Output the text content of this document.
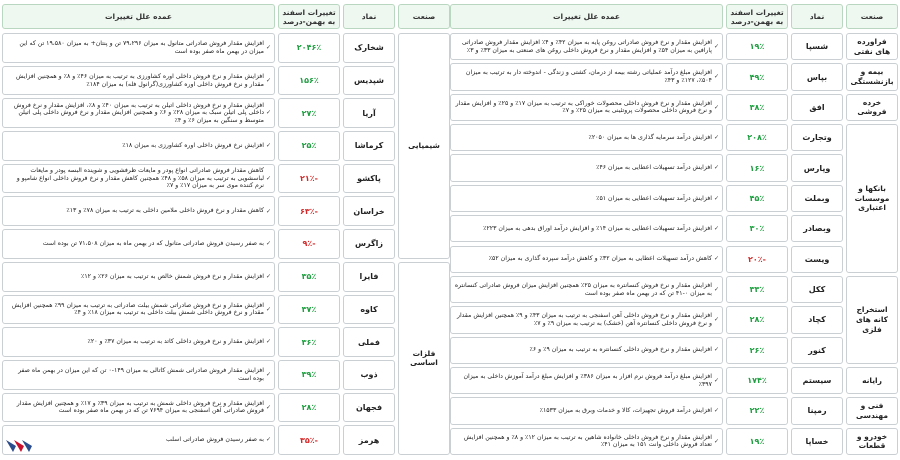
صنعت
نماد
تغییرات اسفند به بهمن-درصد
عمده علل تغییرات
فراورده های نفتی
بیمه و بازنشستگی
خرده فروشی
بانکها و موسسات اعتباری
استخراج کانه های فلزی
رایانه
فنی و مهندسی
خودرو و قطعات
شسپا
۱۹٪
✓
افزایش مقدار و نرخ فروش صادراتی روغن پایه به میزان ۴۲٪ و ۴٪ افزایش مقدار فروش صادراتی پارافین به میزان ۵۴٪ و افزایش مقدار و نرخ فروش داخلی روغن های صنعتی به میزان ۳۳٪ و ۳٪
بپاس
۴۹٪
✓
افزایش مبلغ درآمد عملیاتی رشته بیمه از درمان، کشتی و زندگی - اندوخته دار به ترتیب به میزان ۵۰۴٪، ۱۲۷٪ و ۴۳٪
افق
۳۸٪
✓
افزایش مقدار و نرخ فروش داخلی محصولات خوراکی به ترتیب به میزان ۱۷٪ و ۲۵٪ و افزایش مقدار و نرخ فروش داخلی محصولات پروتئینی به میزان ۲۵٪ و ۷٪
وتجارت
۲۰۸٪
✓
افزایش درآمد سرمایه گذاری ها به میزان ۲۰۵۰٪
وپارس
۱۶٪
✓
افزایش درآمد تسهیلات اعطایی به میزان ۴۶٪
وبملت
۴۵٪
✓
افزایش درآمد تسهیلات اعطایی به میزان ۵۱٪
وبصادر
۳۰٪
✓
افزایش درآمد تسهیلات اعطایی به میزان ۱۴٪ و افزایش درآمد اوراق بدهی به میزان ۲۲۳٪
ویست
-۲۰٪
✓
کاهش درآمد تسهیلات اعطایی به میزان ۳۲٪ و کاهش درآمد سپرده گذاری به میزان ۵۲٪
ککل
۳۳٪
✓
افزایش مقدار و نرخ فروش کنسانتره به میزان ۲۵٪ همچنین افزایش میزان فروش صادراتی کنسانتره به میزان ۰-۴۱ تن که در بهمن ماه صفر بوده است
کچاد
۲۸٪
✓
افزایش مقدار و نرخ فروش داخلی آهن اسفنجی به ترتیب به میزان ۴۳٪ و ۹٪ همچنین افزایش مقدار و نرخ فروش داخلی کنسانتره آهن (خشک) به ترتیب به میزان ۹٪ و ۷٪
کنور
۲۶٪
✓
افزایش مقدار و نرخ فروش داخلی کنسانتره به ترتیب به میزان ۹٪ و ۶٪
سیستم
۱۷۴٪
✓
افزایش مبلغ درآمد فروش نرم افزار به میزان ۳۸۶٪ و افزایش مبلغ درآمد آموزش داخلی به میزان ۳۹۷٪
رمپنا
۲۲٪
✓
افزایش درآمد فروش تجهیزات، کالا و خدمات وبرق به میزان ۱۵۳۳٪
خساپا
۱۹٪
✓
افزایش مقدار و نرخ فروش داخلی خانواده شاهین به ترتیب به میزان ۱۲٪ و ۸٪ و همچنین افزایش تعداد فروش داخلی وانت ۱۵۱ به میزان ۴۱٪
صنعت
نماد
تغییرات اسفند به بهمن-درصد
عمده علل تغییرات
شیمیایی
فلزات اساسی
شخارک
۲۰۴۶٪
✓
افزایش مقدار فروش صادراتی متانول به میزان ۷۹،۲۹۶ تن و پنتان+ به میزان ۱۹،۵۸۰ تن که این میزان در بهمن ماه صفر بوده است
شپدیس
۱۵۶٪
✓
افزایش مقدار و نرخ فروش داخلی اوره کشاورزی به ترتیب به میزان ۴۶٪ و ۸٪ و همچنین افزایش مقدار و نرخ فروش داخلی اوره کشاورزی(گرانول فله) به میزان ۱۸۴٪
آریا
۲۷٪
✓
افزایش مقدار و نرخ فروش داخلی اتیلن به ترتیب به میزان ۴۰٪ و ۸٪، افزایش مقدار و نرخ فروش داخلی پلی اتیلن سبک به میزان ۲۸٪ و ۶٪ و همچنین افزایش مقدار و نرخ فروش داخلی پلی اتیلن متوسط و سنگین به میزان ۶٪ و ۴٪
کرماشا
۲۵٪
✓
افزایش نرخ فروش داخلی اوره کشاورزی به میزان ۱۸٪
پاکشو
-۲۱٪
✓
کاهش مقدار فروش صادراتی انواع پودر و مایعات ظرفشویی و شوینده البسه پودر و مایعات لباسشویی به ترتیب به میزان ۵۸٪ و ۴۸٪ همچنین کاهش مقدار و نرخ فروش داخلی انواع شامپو و نرم کننده موی سر به میزان ۱۷٪ و ۷٪
خراسان
-۶۳٪
✓
کاهش مقدار و نرخ فروش داخلی ملامین داخلی به ترتیب به میزان ۷۸٪ و ۱۳٪
زاگرس
-۹٪
✓
به صفر رسیدن فروش صادراتی متانول که در بهمن ماه به میزان ۷۱،۵۰۸ تن بوده است
فایرا
۳۵٪
✓
افزایش مقدار و نرخ فروش شمش خالص به ترتیب به میزان ۲۶٪ و ۱۲٪
کاوه
۳۷٪
✓
افزایش مقدار و نرخ فروش صادراتی شمش بیلت صادراتی به ترتیب به میزان ۹۹٪ همچنین افزایش مقدار و نرخ فروش داخلی شمش بیلت داخلی به ترتیب به میزان ۱۸٪ و ۴٪
فملی
۳۶٪
✓
افزایش مقدار و نرخ فروش داخلی کاتد به ترتیب به میزان ۳۷٪ و ۲۰٪
ذوب
۳۹٪
✓
افزایش مقدار فروش صادراتی شمش کاتالی به میزان ۱۴۹-۰ تن که این میزان در بهمن ماه صفر بوده است
فجهان
۲۸٪
✓
افزایش مقدار و نرخ فروش داخلی شمش به ترتیب به میزان ۳۹٪ و ۱۷٪ و همچنین افزایش مقدار فروش صادراتی آهن اسفنجی به میزان ۷۶۹۴ تن که در بهمن ماه صفر بوده است
هرمز
-۳۵٪
✓
به صفر رسیدن فروش صادراتی اسلب
